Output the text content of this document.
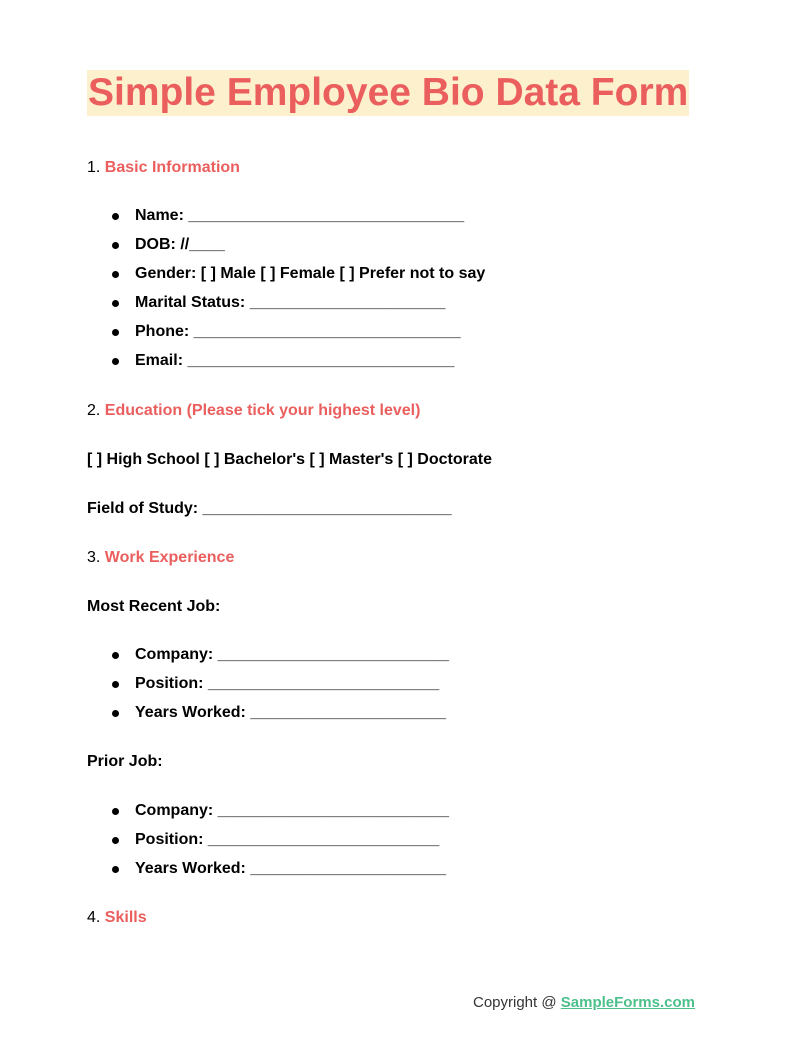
Simple Employee Bio Data Form
1. Basic Information
Name: _______________________________
DOB: //____
Gender: [ ] Male [ ] Female [ ] Prefer not to say
Marital Status: ______________________
Phone: ______________________________
Email: ______________________________
2. Education (Please tick your highest level)
[ ] High School [ ] Bachelor's [ ] Master's [ ] Doctorate
Field of Study: ____________________________
3. Work Experience
Most Recent Job:
Company: __________________________
Position: __________________________
Years Worked: ______________________
Prior Job:
Company: __________________________
Position: __________________________
Years Worked: ______________________
4. Skills
Copyright @ SampleForms.com
